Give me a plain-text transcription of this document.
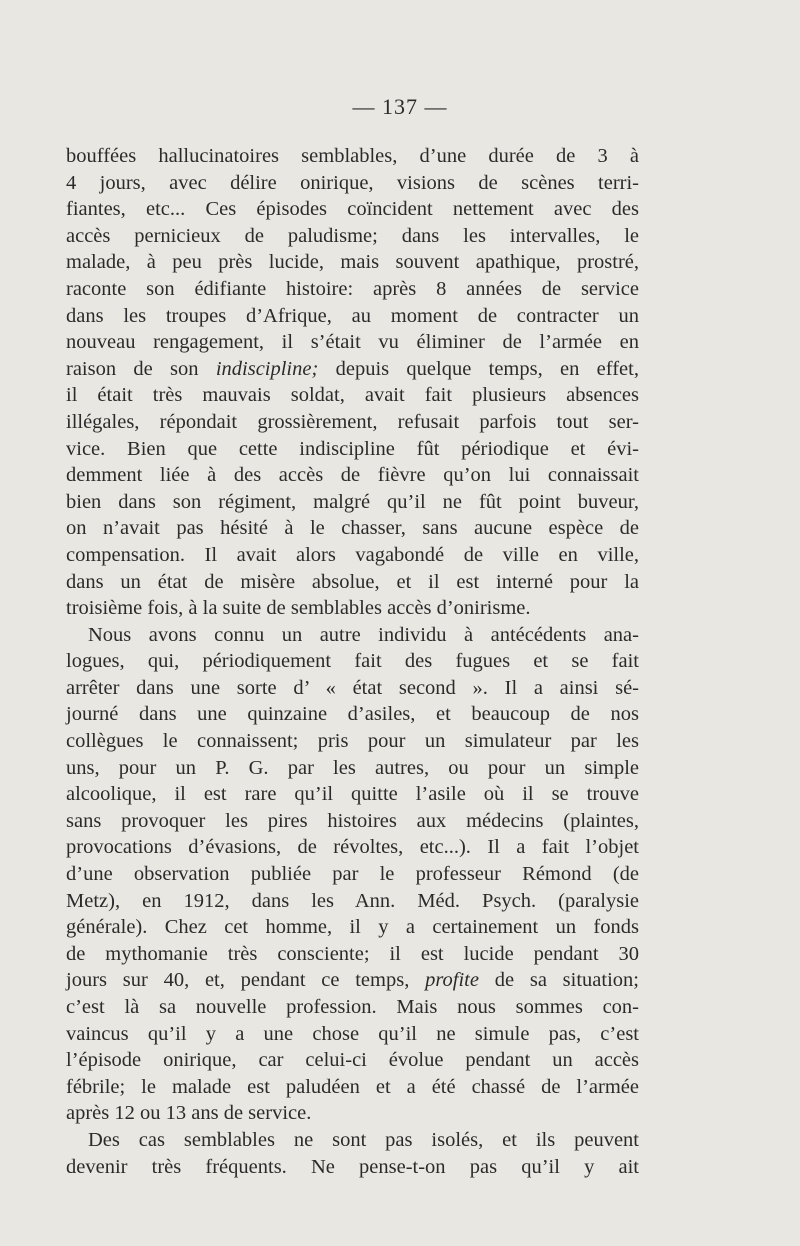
— 137 —
bouffées hallucinatoires semblables, d’une durée de 3 à
4 jours, avec délire onirique, visions de scènes terri-
fiantes, etc... Ces épisodes coïncident nettement avec des
accès pernicieux de paludisme; dans les intervalles, le
malade, à peu près lucide, mais souvent apathique, prostré,
raconte son édifiante histoire: après 8 années de service
dans les troupes d’Afrique, au moment de contracter un
nouveau rengagement, il s’était vu éliminer de l’armée en
raison de son indiscipline; depuis quelque temps, en effet,
il était très mauvais soldat, avait fait plusieurs absences
illégales, répondait grossièrement, refusait parfois tout ser-
vice. Bien que cette indiscipline fût périodique et évi-
demment liée à des accès de fièvre qu’on lui connaissait
bien dans son régiment, malgré qu’il ne fût point buveur,
on n’avait pas hésité à le chasser, sans aucune espèce de
compensation. Il avait alors vagabondé de ville en ville,
dans un état de misère absolue, et il est interné pour la
troisième fois, à la suite de semblables accès d’onirisme.
Nous avons connu un autre individu à antécédents ana-
logues, qui, périodiquement fait des fugues et se fait
arrêter dans une sorte d’ « état second ». Il a ainsi sé-
journé dans une quinzaine d’asiles, et beaucoup de nos
collègues le connaissent; pris pour un simulateur par les
uns, pour un P. G. par les autres, ou pour un simple
alcoolique, il est rare qu’il quitte l’asile où il se trouve
sans provoquer les pires histoires aux médecins (plaintes,
provocations d’évasions, de révoltes, etc...). Il a fait l’objet
d’une observation publiée par le professeur Rémond (de
Metz), en 1912, dans les Ann. Méd. Psych. (paralysie
générale). Chez cet homme, il y a certainement un fonds
de mythomanie très consciente; il est lucide pendant 30
jours sur 40, et, pendant ce temps, profite de sa situation;
c’est là sa nouvelle profession. Mais nous sommes con-
vaincus qu’il y a une chose qu’il ne simule pas, c’est
l’épisode onirique, car celui-ci évolue pendant un accès
fébrile; le malade est paludéen et a été chassé de l’armée
après 12 ou 13 ans de service.
Des cas semblables ne sont pas isolés, et ils peuvent
devenir très fréquents. Ne pense-t-on pas qu’il y ait
